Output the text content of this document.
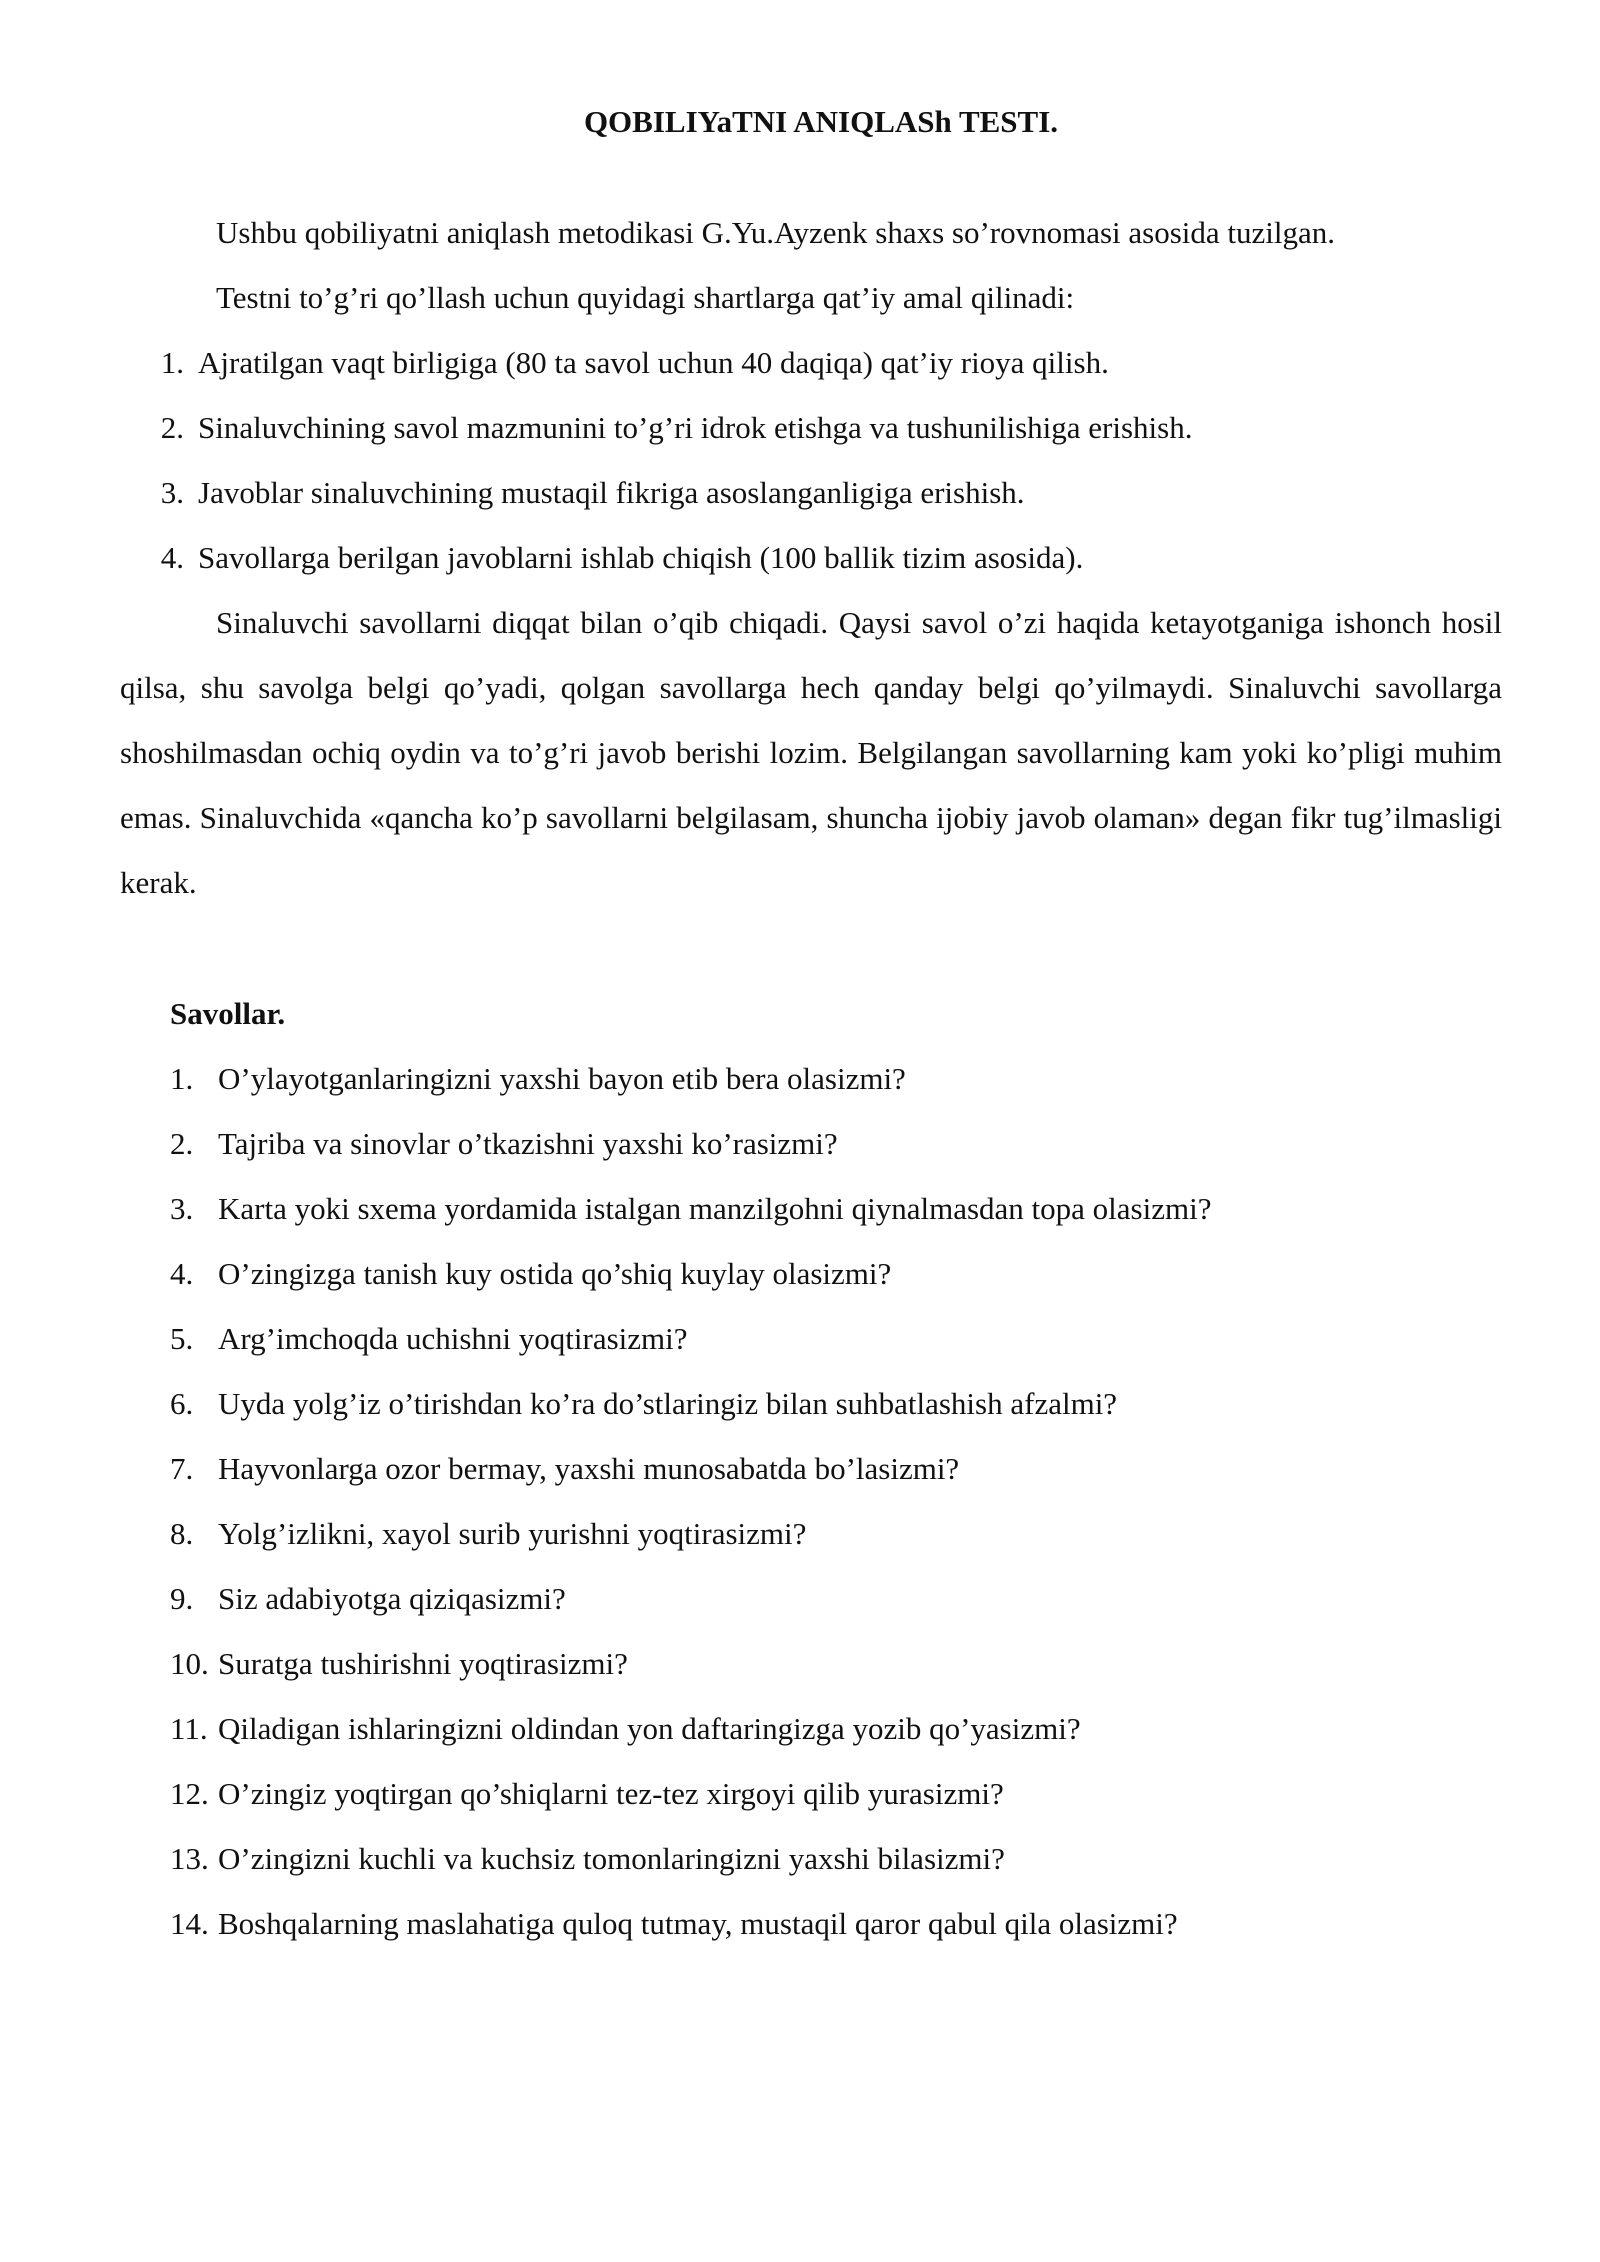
QOBILIYaTNI ANIQLASh TESTI.

Ushbu qobiliyatni aniqlash metodikasi G.Yu.Ayzenk shaxs so’rovnomasi asosida tuzilgan.

Testni to’g’ri qo’llash uchun quyidagi shartlarga qat’iy amal qilinadi:

1. Ajratilgan vaqt birligiga (80 ta savol uchun 40 daqiqa) qat’iy rioya qilish.
2. Sinaluvchining savol mazmunini to’g’ri idrok etishga va tushunilishiga erishish.
3. Javoblar sinaluvchining mustaqil fikriga asoslanganligiga erishish.
4. Savollarga berilgan javoblarni ishlab chiqish (100 ballik tizim asosida).

Sinaluvchi savollarni diqqat bilan o’qib chiqadi. Qaysi savol o’zi haqida ketayotganiga ishonch hosil qilsa, shu savolga belgi qo’yadi, qolgan savollarga hech qanday belgi qo’yilmaydi. Sinaluvchi savollarga shoshilmasdan ochiq oydin va to’g’ri javob berishi lozim. Belgilangan savollarning kam yoki ko’pligi muhim emas. Sinaluvchida «qancha ko’p savollarni belgilasam, shuncha ijobiy javob olaman» degan fikr tug’ilmasligi kerak.

Savollar.
1. O’ylayotganlaringizni yaxshi bayon etib bera olasizmi?
2. Tajriba va sinovlar o’tkazishni yaxshi ko’rasizmi?
3. Karta yoki sxema yordamida istalgan manzilgohni qiynalmasdan topa olasizmi?
4. O’zingizga tanish kuy ostida qo’shiq kuylay olasizmi?
5. Arg’imchoqda uchishni yoqtirasizmi?
6. Uyda yolg’iz o’tirishdan ko’ra do’stlaringiz bilan suhbatlashish afzalmi?
7. Hayvonlarga ozor bermay, yaxshi munosabatda bo’lasizmi?
8. Yolg’izlikni, xayol surib yurishni yoqtirasizmi?
9. Siz adabiyotga qiziqasizmi?
10. Suratga tushirishni yoqtirasizmi?
11. Qiladigan ishlaringizni oldindan yon daftaringizga yozib qo’yasizmi?
12. O’zingiz yoqtirgan qo’shiqlarni tez-tez xirgoyi qilib yurasizmi?
13. O’zingizni kuchli va kuchsiz tomonlaringizni yaxshi bilasizmi?
14. Boshqalarning maslahatiga quloq tutmay, mustaqil qaror qabul qila olasizmi?
